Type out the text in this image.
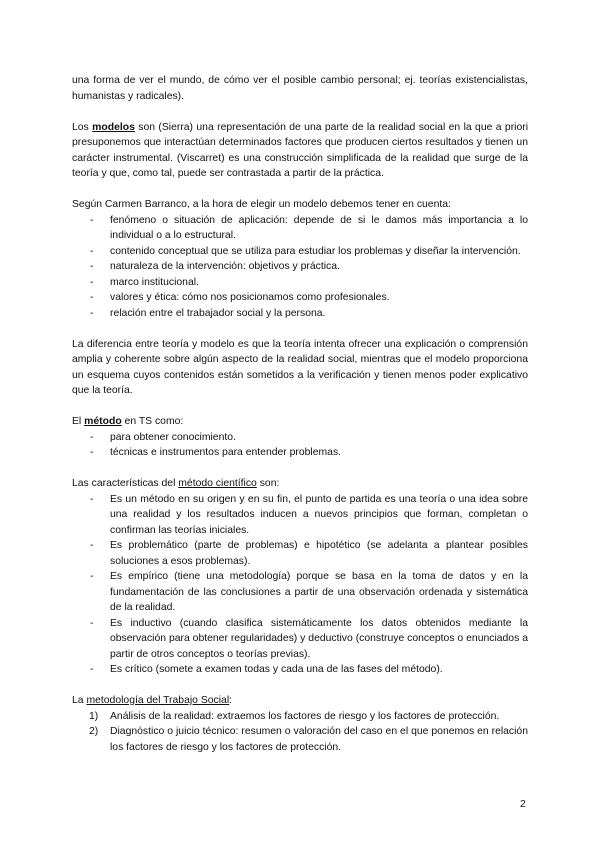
una forma de ver el mundo, de cómo ver el posible cambio personal; ej. teorías existencialistas, humanistas y radicales).

Los modelos son (Sierra) una representación de una parte de la realidad social en la que a priori presuponemos que interactúan determinados factores que producen ciertos resultados y tienen un carácter instrumental. (Viscarret) es una construcción simplificada de la realidad que surge de la teoría y que, como tal, puede ser contrastada a partir de la práctica.

Según Carmen Barranco, a la hora de elegir un modelo debemos tener en cuenta:

- fenómeno o situación de aplicación: depende de si le damos más importancia a lo individual o a lo estructural.
- contenido conceptual que se utiliza para estudiar los problemas y diseñar la intervención.
- naturaleza de la intervención: objetivos y práctica.
- marco institucional.
- valores y ética: cómo nos posicionamos como profesionales.
- relación entre el trabajador social y la persona.

La diferencia entre teoría y modelo es que la teoría intenta ofrecer una explicación o comprensión amplia y coherente sobre algún aspecto de la realidad social, mientras que el modelo proporciona un esquema cuyos contenidos están sometidos a la verificación y tienen menos poder explicativo que la teoría.

El método en TS como:

- para obtener conocimiento.
- técnicas e instrumentos para entender problemas.

Las características del método científico son:

- Es un método en su origen y en su fin, el punto de partida es una teoría o una idea sobre una realidad y los resultados inducen a nuevos principios que forman, completan o confirman las teorías iniciales.
- Es problemático (parte de problemas) e hipotético (se adelanta a plantear posibles soluciones a esos problemas).
- Es empírico (tiene una metodología) porque se basa en la toma de datos y en la fundamentación de las conclusiones a partir de una observación ordenada y sistemática de la realidad.
- Es inductivo (cuando clasifica sistemáticamente los datos obtenidos mediante la observación para obtener regularidades) y deductivo (construye conceptos o enunciados a partir de otros conceptos o teorías previas).
- Es crítico (somete a examen todas y cada una de las fases del método).

La metodología del Trabajo Social:

1) Análisis de la realidad: extraemos los factores de riesgo y los factores de protección.
2) Diagnóstico o juicio técnico: resumen o valoración del caso en el que ponemos en relación los factores de riesgo y los factores de protección.
2
